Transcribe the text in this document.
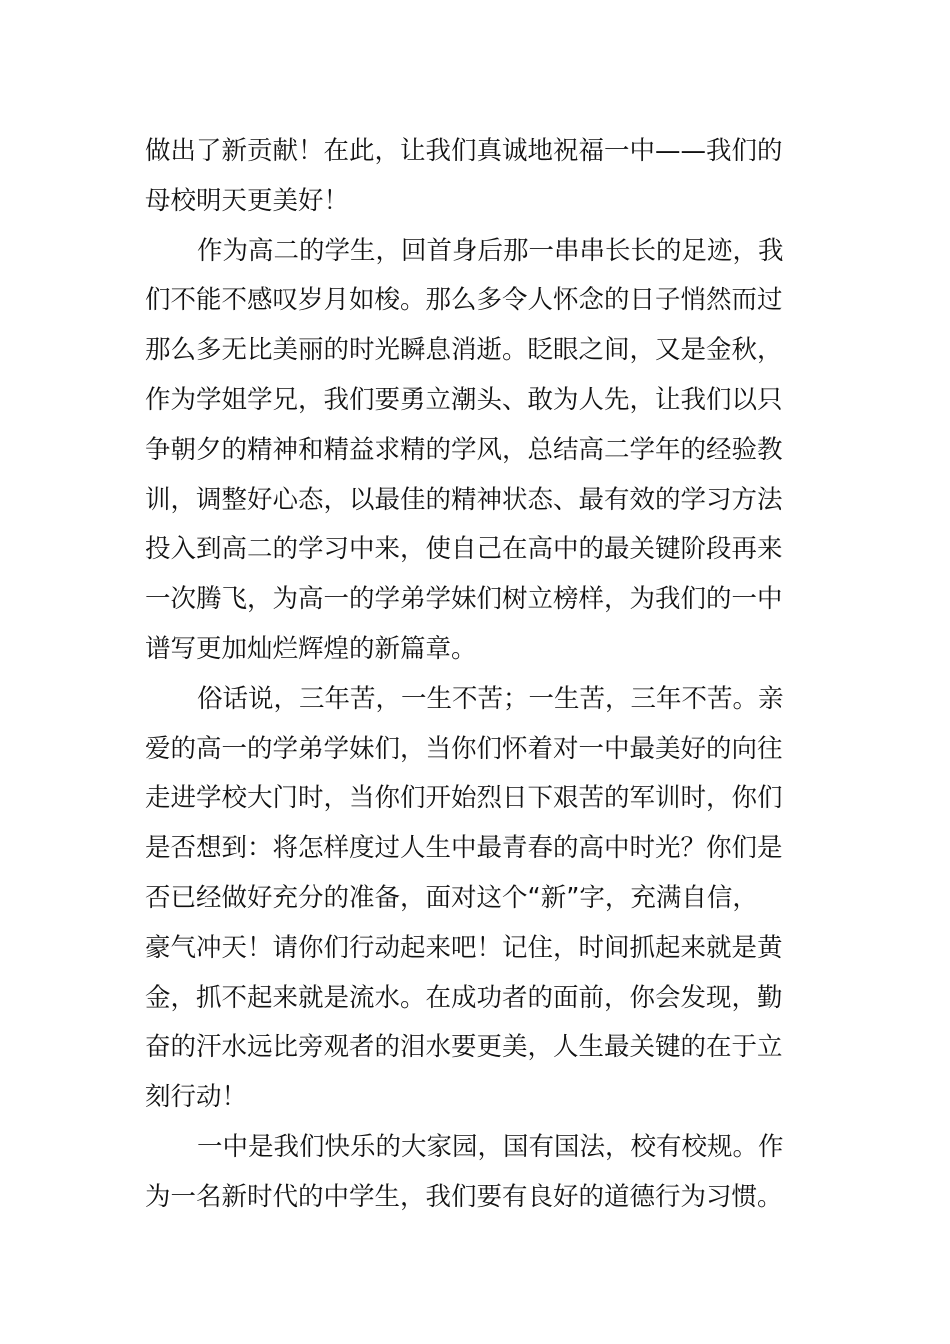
做出了新贡献！在此，让我们真诚地祝福一中——我们的
母校明天更美好！
作为高二的学生，回首身后那一串串长长的足迹，我
们不能不感叹岁月如梭。那么多令人怀念的日子悄然而过
那么多无比美丽的时光瞬息消逝。眨眼之间，又是金秋，
作为学姐学兄，我们要勇立潮头、敢为人先，让我们以只
争朝夕的精神和精益求精的学风，总结高二学年的经验教
训，调整好心态，以最佳的精神状态、最有效的学习方法
投入到高二的学习中来，使自己在高中的最关键阶段再来
一次腾飞，为高一的学弟学妹们树立榜样，为我们的一中
谱写更加灿烂辉煌的新篇章。
俗话说，三年苦，一生不苦；一生苦，三年不苦。亲
爱的高一的学弟学妹们，当你们怀着对一中最美好的向往
走进学校大门时，当你们开始烈日下艰苦的军训时，你们
是否想到：将怎样度过人生中最青春的高中时光？你们是
否已经做好充分的准备，面对这个“新”字，充满自信，
豪气冲天！请你们行动起来吧！记住，时间抓起来就是黄
金，抓不起来就是流水。在成功者的面前，你会发现，勤
奋的汗水远比旁观者的泪水要更美，人生最关键的在于立
刻行动！
一中是我们快乐的大家园，国有国法，校有校规。作
为一名新时代的中学生，我们要有良好的道德行为习惯。
